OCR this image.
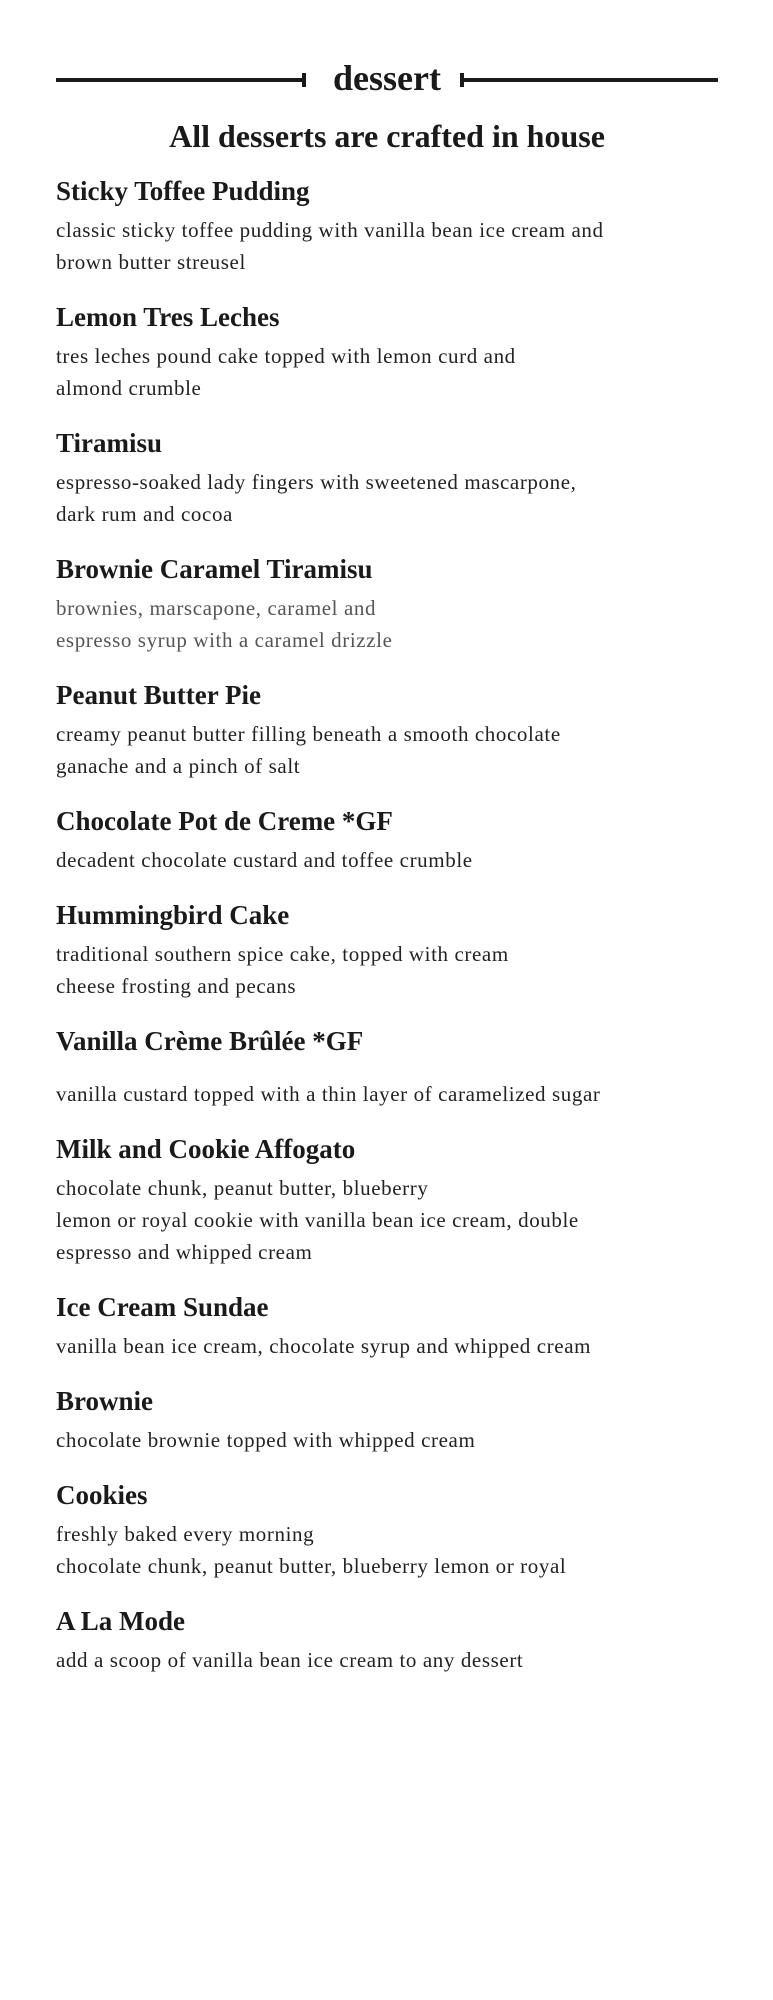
dessert
All desserts are crafted in house
Sticky Toffee Pudding

classic sticky toffee pudding with vanilla bean ice cream and
brown butter streusel

Lemon Tres Leches

tres leches pound cake topped with lemon curd and
almond crumble

Tiramisu

espresso-soaked lady fingers with sweetened mascarpone,
dark rum and cocoa

Brownie Caramel Tiramisu

brownies, marscapone, caramel and
espresso syrup with a caramel drizzle

Peanut Butter Pie

creamy peanut butter filling beneath a smooth chocolate
ganache and a pinch of salt

Chocolate Pot de Creme *GF

decadent chocolate custard and toffee crumble

Hummingbird Cake

traditional southern spice cake, topped with cream
cheese frosting and pecans

Vanilla Crème Brûlée *GF

vanilla custard topped with a thin layer of caramelized sugar

Milk and Cookie Affogato

chocolate chunk, peanut butter, blueberry
lemon or royal cookie with vanilla bean ice cream, double
espresso and whipped cream

Ice Cream Sundae

vanilla bean ice cream, chocolate syrup and whipped cream

Brownie

chocolate brownie topped with whipped cream

Cookies

freshly baked every morning
chocolate chunk, peanut butter, blueberry lemon or royal

A La Mode

add a scoop of vanilla bean ice cream to any dessert
